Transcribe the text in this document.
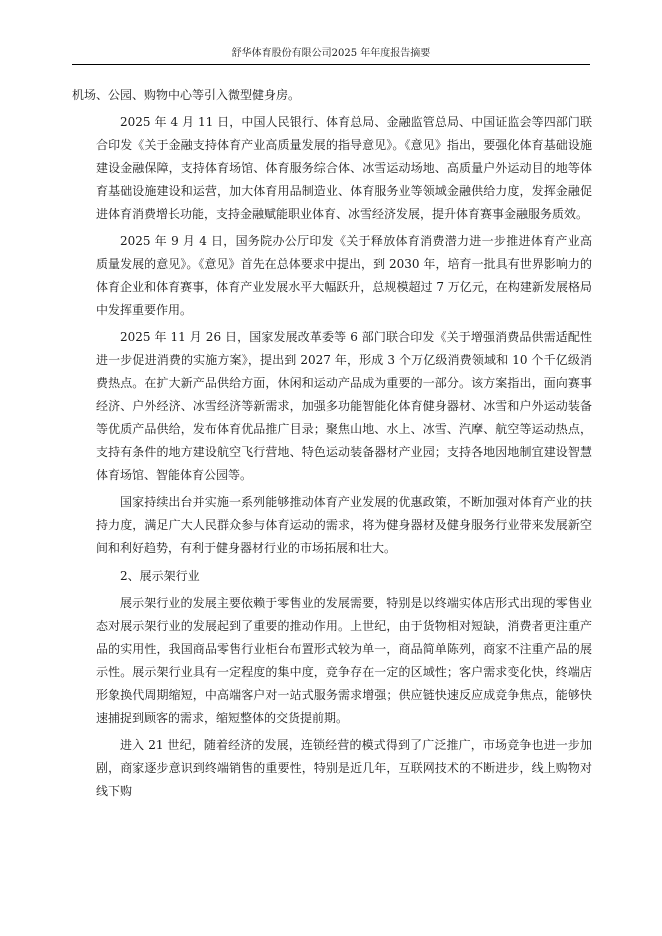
舒华体育股份有限公司2025 年年度报告摘要

机场、公园、购物中心等引入微型健身房。

2025 年 4 月 11 日，中国人民银行、体育总局、金融监管总局、中国证监会等四部门联合印发《关于金融支持体育产业高质量发展的指导意见》。《意见》指出，要强化体育基础设施建设金融保障，支持体育场馆、体育服务综合体、冰雪运动场地、高质量户外运动目的地等体育基础设施建设和运营，加大体育用品制造业、体育服务业等领域金融供给力度，发挥金融促进体育消费增长功能，支持金融赋能职业体育、冰雪经济发展，提升体育赛事金融服务质效。

2025 年 9 月 4 日，国务院办公厅印发《关于释放体育消费潜力进一步推进体育产业高质量发展的意见》。《意见》首先在总体要求中提出，到 2030 年，培育一批具有世界影响力的体育企业和体育赛事，体育产业发展水平大幅跃升，总规模超过 7 万亿元，在构建新发展格局中发挥重要作用。

2025 年 11 月 26 日，国家发展改革委等 6 部门联合印发《关于增强消费品供需适配性进一步促进消费的实施方案》，提出到 2027 年，形成 3 个万亿级消费领域和 10 个千亿级消费热点。在扩大新产品供给方面，休闲和运动产品成为重要的一部分。该方案指出，面向赛事经济、户外经济、冰雪经济等新需求，加强多功能智能化体育健身器材、冰雪和户外运动装备等优质产品供给，发布体育优品推广目录；聚焦山地、水上、冰雪、汽摩、航空等运动热点，支持有条件的地方建设航空飞行营地、特色运动装备器材产业园；支持各地因地制宜建设智慧体育场馆、智能体育公园等。

国家持续出台并实施一系列能够推动体育产业发展的优惠政策，不断加强对体育产业的扶持力度，满足广大人民群众参与体育运动的需求，将为健身器材及健身服务行业带来发展新空间和利好趋势，有利于健身器材行业的市场拓展和壮大。

2、展示架行业

展示架行业的发展主要依赖于零售业的发展需要，特别是以终端实体店形式出现的零售业态对展示架行业的发展起到了重要的推动作用。上世纪，由于货物相对短缺，消费者更注重产品的实用性，我国商品零售行业柜台布置形式较为单一，商品简单陈列，商家不注重产品的展示性。展示架行业具有一定程度的集中度，竞争存在一定的区域性；客户需求变化快，终端店形象换代周期缩短，中高端客户对一站式服务需求增强；供应链快速反应成竞争焦点，能够快速捕捉到顾客的需求，缩短整体的交货提前期。

进入 21 世纪，随着经济的发展，连锁经营的模式得到了广泛推广，市场竞争也进一步加剧，商家逐步意识到终端销售的重要性，特别是近几年，互联网技术的不断进步，线上购物对线下购
